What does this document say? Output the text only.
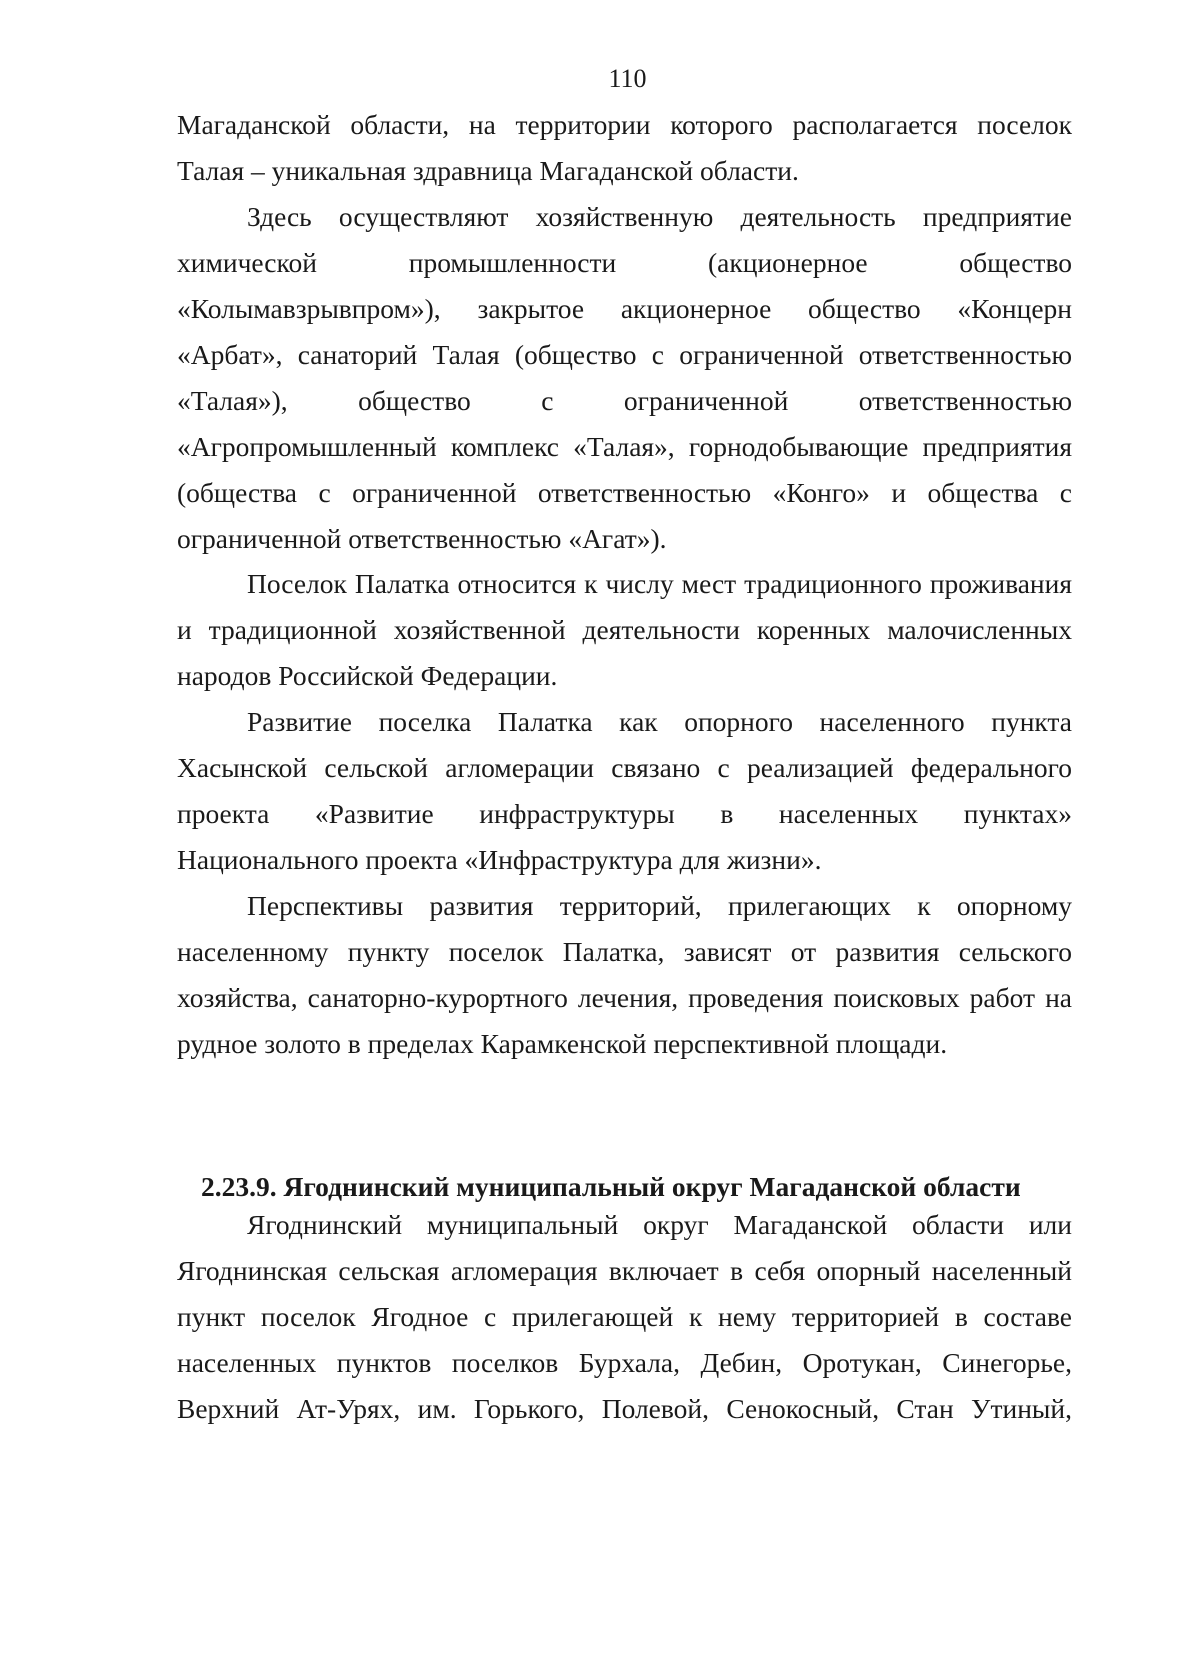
110
Магаданской области, на территории которого располагается поселок
Талая – уникальная здравница Магаданской области.
Здесь осуществляют хозяйственную деятельность предприятие
химической промышленности (акционерное общество
«Колымавзрывпром»), закрытое акционерное общество «Концерн
«Арбат», санаторий Талая (общество с ограниченной ответственностью
«Талая»), общество с ограниченной ответственностью
«Агропромышленный комплекс «Талая», горнодобывающие предприятия
(общества с ограниченной ответственностью «Конго» и общества с
ограниченной ответственностью «Агат»).
Поселок Палатка относится к числу мест традиционного проживания
и традиционной хозяйственной деятельности коренных малочисленных
народов Российской Федерации.
Развитие поселка Палатка как опорного населенного пункта
Хасынской сельской агломерации связано с реализацией федерального
проекта «Развитие инфраструктуры в населенных пунктах»
Национального проекта «Инфраструктура для жизни».
Перспективы развития территорий, прилегающих к опорному
населенному пункту поселок Палатка, зависят от развития сельского
хозяйства, санаторно-курортного лечения, проведения поисковых работ на
рудное золото в пределах Карамкенской перспективной площади.
2.23.9. Ягоднинский муниципальный округ Магаданской области
Ягоднинский муниципальный округ Магаданской области или
Ягоднинская сельская агломерация включает в себя опорный населенный
пункт поселок Ягодное с прилегающей к нему территорией в составе
населенных пунктов поселков Бурхала, Дебин, Оротукан, Синегорье,
Верхний Ат-Урях, им. Горького, Полевой, Сенокосный, Стан Утиный,
